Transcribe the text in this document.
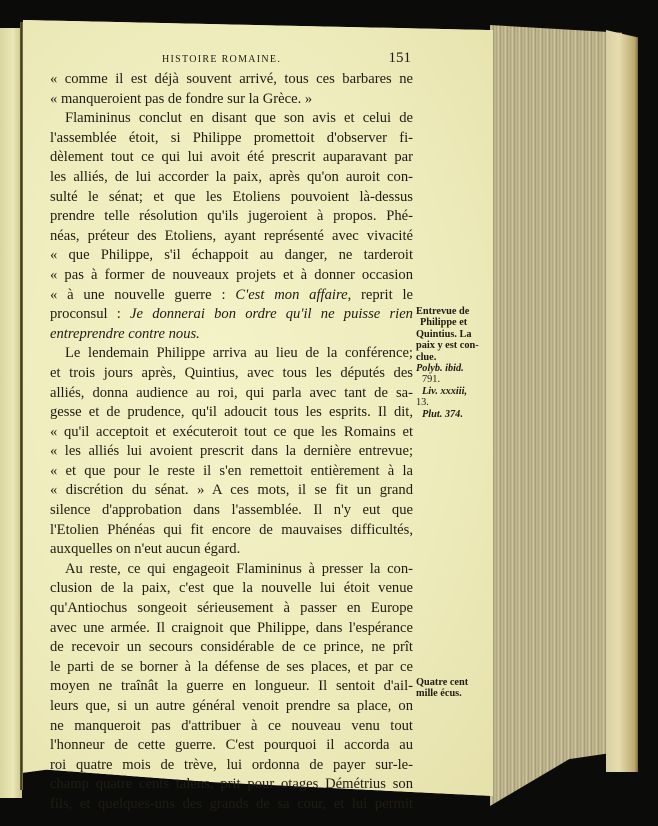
HISTOIRE ROMAINE.	151
« comme il est déjà souvent arrivé, tous ces barbares ne
« manqueroient pas de fondre sur la Grèce. »
Flamininus conclut en disant que son avis et celui de
l'assemblée étoit, si Philippe promettoit d'observer fi-
dèlement tout ce qui lui avoit été prescrit auparavant par
les alliés, de lui accorder la paix, après qu'on auroit con-
sulté le sénat; et que les Etoliens pouvoient là-dessus
prendre telle résolution qu'ils jugeroient à propos. Phé-
néas, préteur des Etoliens, ayant représenté avec vivacité
« que Philippe, s'il échappoit au danger, ne tarderoit
« pas à former de nouveaux projets et à donner occasion
« à une nouvelle guerre : C'est mon affaire, reprit le
proconsul : Je donnerai bon ordre qu'il ne puisse rien
entreprendre contre nous.
Le lendemain Philippe arriva au lieu de la conférence;
et trois jours après, Quintius, avec tous les députés des
alliés, donna audience au roi, qui parla avec tant de sa-
gesse et de prudence, qu'il adoucit tous les esprits. Il dit,
« qu'il acceptoit et exécuteroit tout ce que les Romains et
« les alliés lui avoient prescrit dans la dernière entrevue;
« et que pour le reste il s'en remettoit entièrement à la
« discrétion du sénat. » A ces mots, il se fit un grand
silence d'approbation dans l'assemblée. Il n'y eut que
l'Etolien Phénéas qui fit encore de mauvaises difficultés,
auxquelles on n'eut aucun égard.
Au reste, ce qui engageoit Flamininus à presser la con-
clusion de la paix, c'est que la nouvelle lui étoit venue
qu'Antiochus songeoit sérieusement à passer en Europe
avec une armée. Il craignoit que Philippe, dans l'espérance
de recevoir un secours considérable de ce prince, ne prît
le parti de se borner à la défense de ses places, et par ce
moyen ne traînât la guerre en longueur. Il sentoit d'ail-
leurs que, si un autre général venoit prendre sa place, on
ne manqueroit pas d'attribuer à ce nouveau venu tout
l'honneur de cette guerre. C'est pourquoi il accorda au
roi quatre mois de trève, lui ordonna de payer sur-le-
champ quatre cents talens, prit pour otages Démétrius son
fils, et quelques-uns des grands de sa cour, et lui permit
Entrevue de
Philippe et
Quintius. La
paix y est con-
clue.
Polyb. ibid.
791.
Liv. xxxiii,
13.
Plut. 374.
Quatre cent
mille écus.
